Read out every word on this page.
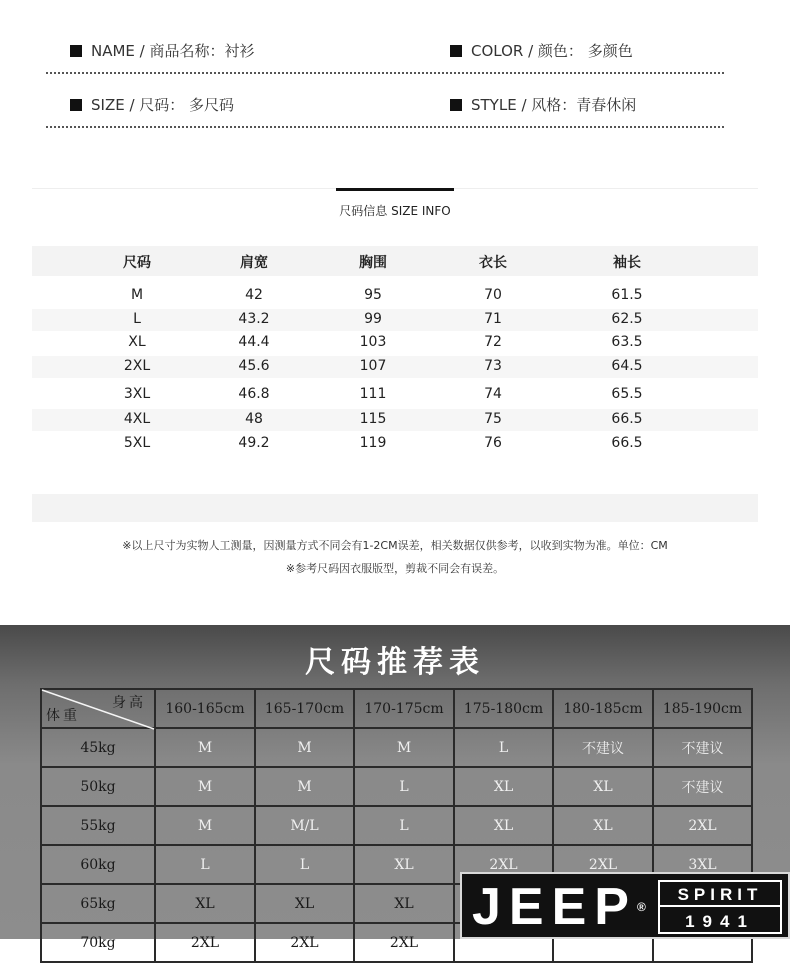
NAME / 商品名称：衬衫	COLOR / 颜色： 多颜色
SIZE / 尺码： 多尺码	STYLE / 风格：青春休闲
尺码信息 SIZE INFO
尺码	肩宽	胸围	衣长	袖长
M	42	95	70	61.5
L	43.2	99	71	62.5
XL	44.4	103	72	63.5
2XL	45.6	107	73	64.5
3XL	46.8	111	74	65.5
4XL	48	115	75	66.5
5XL	49.2	119	76	66.5
※以上尺寸为实物人工测量，因测量方式不同会有1-2CM误差，相关数据仅供参考，以收到实物为准。单位：CM
※参考尺码因衣服版型，剪裁不同会有误差。
尺码推荐表
身高
体重	160-165cm	165-170cm	170-175cm	175-180cm	180-185cm	185-190cm
45kg	M	M	M	L	不建议	不建议
50kg	M	M	L	XL	XL	不建议
55kg	M	M/L	L	XL	XL	2XL
60kg	L	L	XL	2XL	2XL	3XL
65kg	XL	XL	XL			
70kg	2XL	2XL	2XL			
JEEP®
SPIRIT
1941
